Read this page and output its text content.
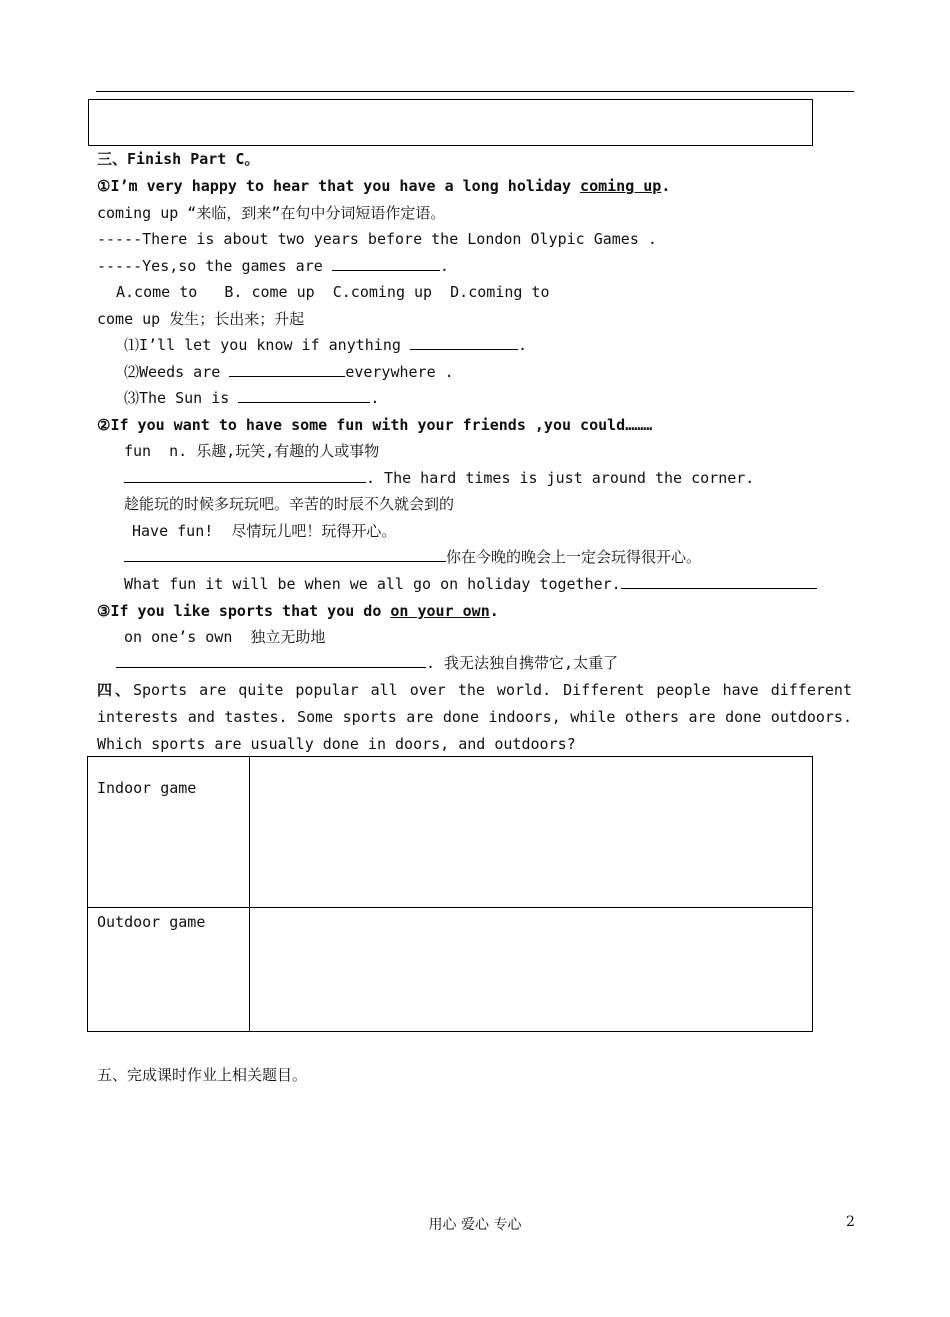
三、Finish Part C。
①I’m very happy to hear that you have a long holiday coming up.
coming up “来临，到来”在句中分词短语作定语。
-----There is about two years before the London Olypic Games .
-----Yes,so the games are	.
A.come to   B. come up  C.coming up  D.coming to
come up 发生；长出来；升起
⑴I’ll let you know if anything	.
⑵Weeds are	everywhere .
⑶The Sun is	.
②If you want to have some fun with your friends ,you could………
fun  n. 乐趣,玩笑,有趣的人或事物
. The hard times is just around the corner.
趁能玩的时候多玩玩吧。辛苦的时辰不久就会到的
Have fun!  尽情玩儿吧！玩得开心。
你在今晚的晚会上一定会玩得很开心。
What fun it will be when we all go on holiday together.
③If you like sports that you do on your own.
on one’s own  独立无助地
. 我无法独自携带它,太重了
四、Sports are quite popular all over the world. Different people have different interests and tastes. Some sports are done indoors, while others are done outdoors. Which sports are usually done in doors, and outdoors?
Indoor game	

Outdoor game	

五、完成课时作业上相关题目。
用心 爱心 专心	2
